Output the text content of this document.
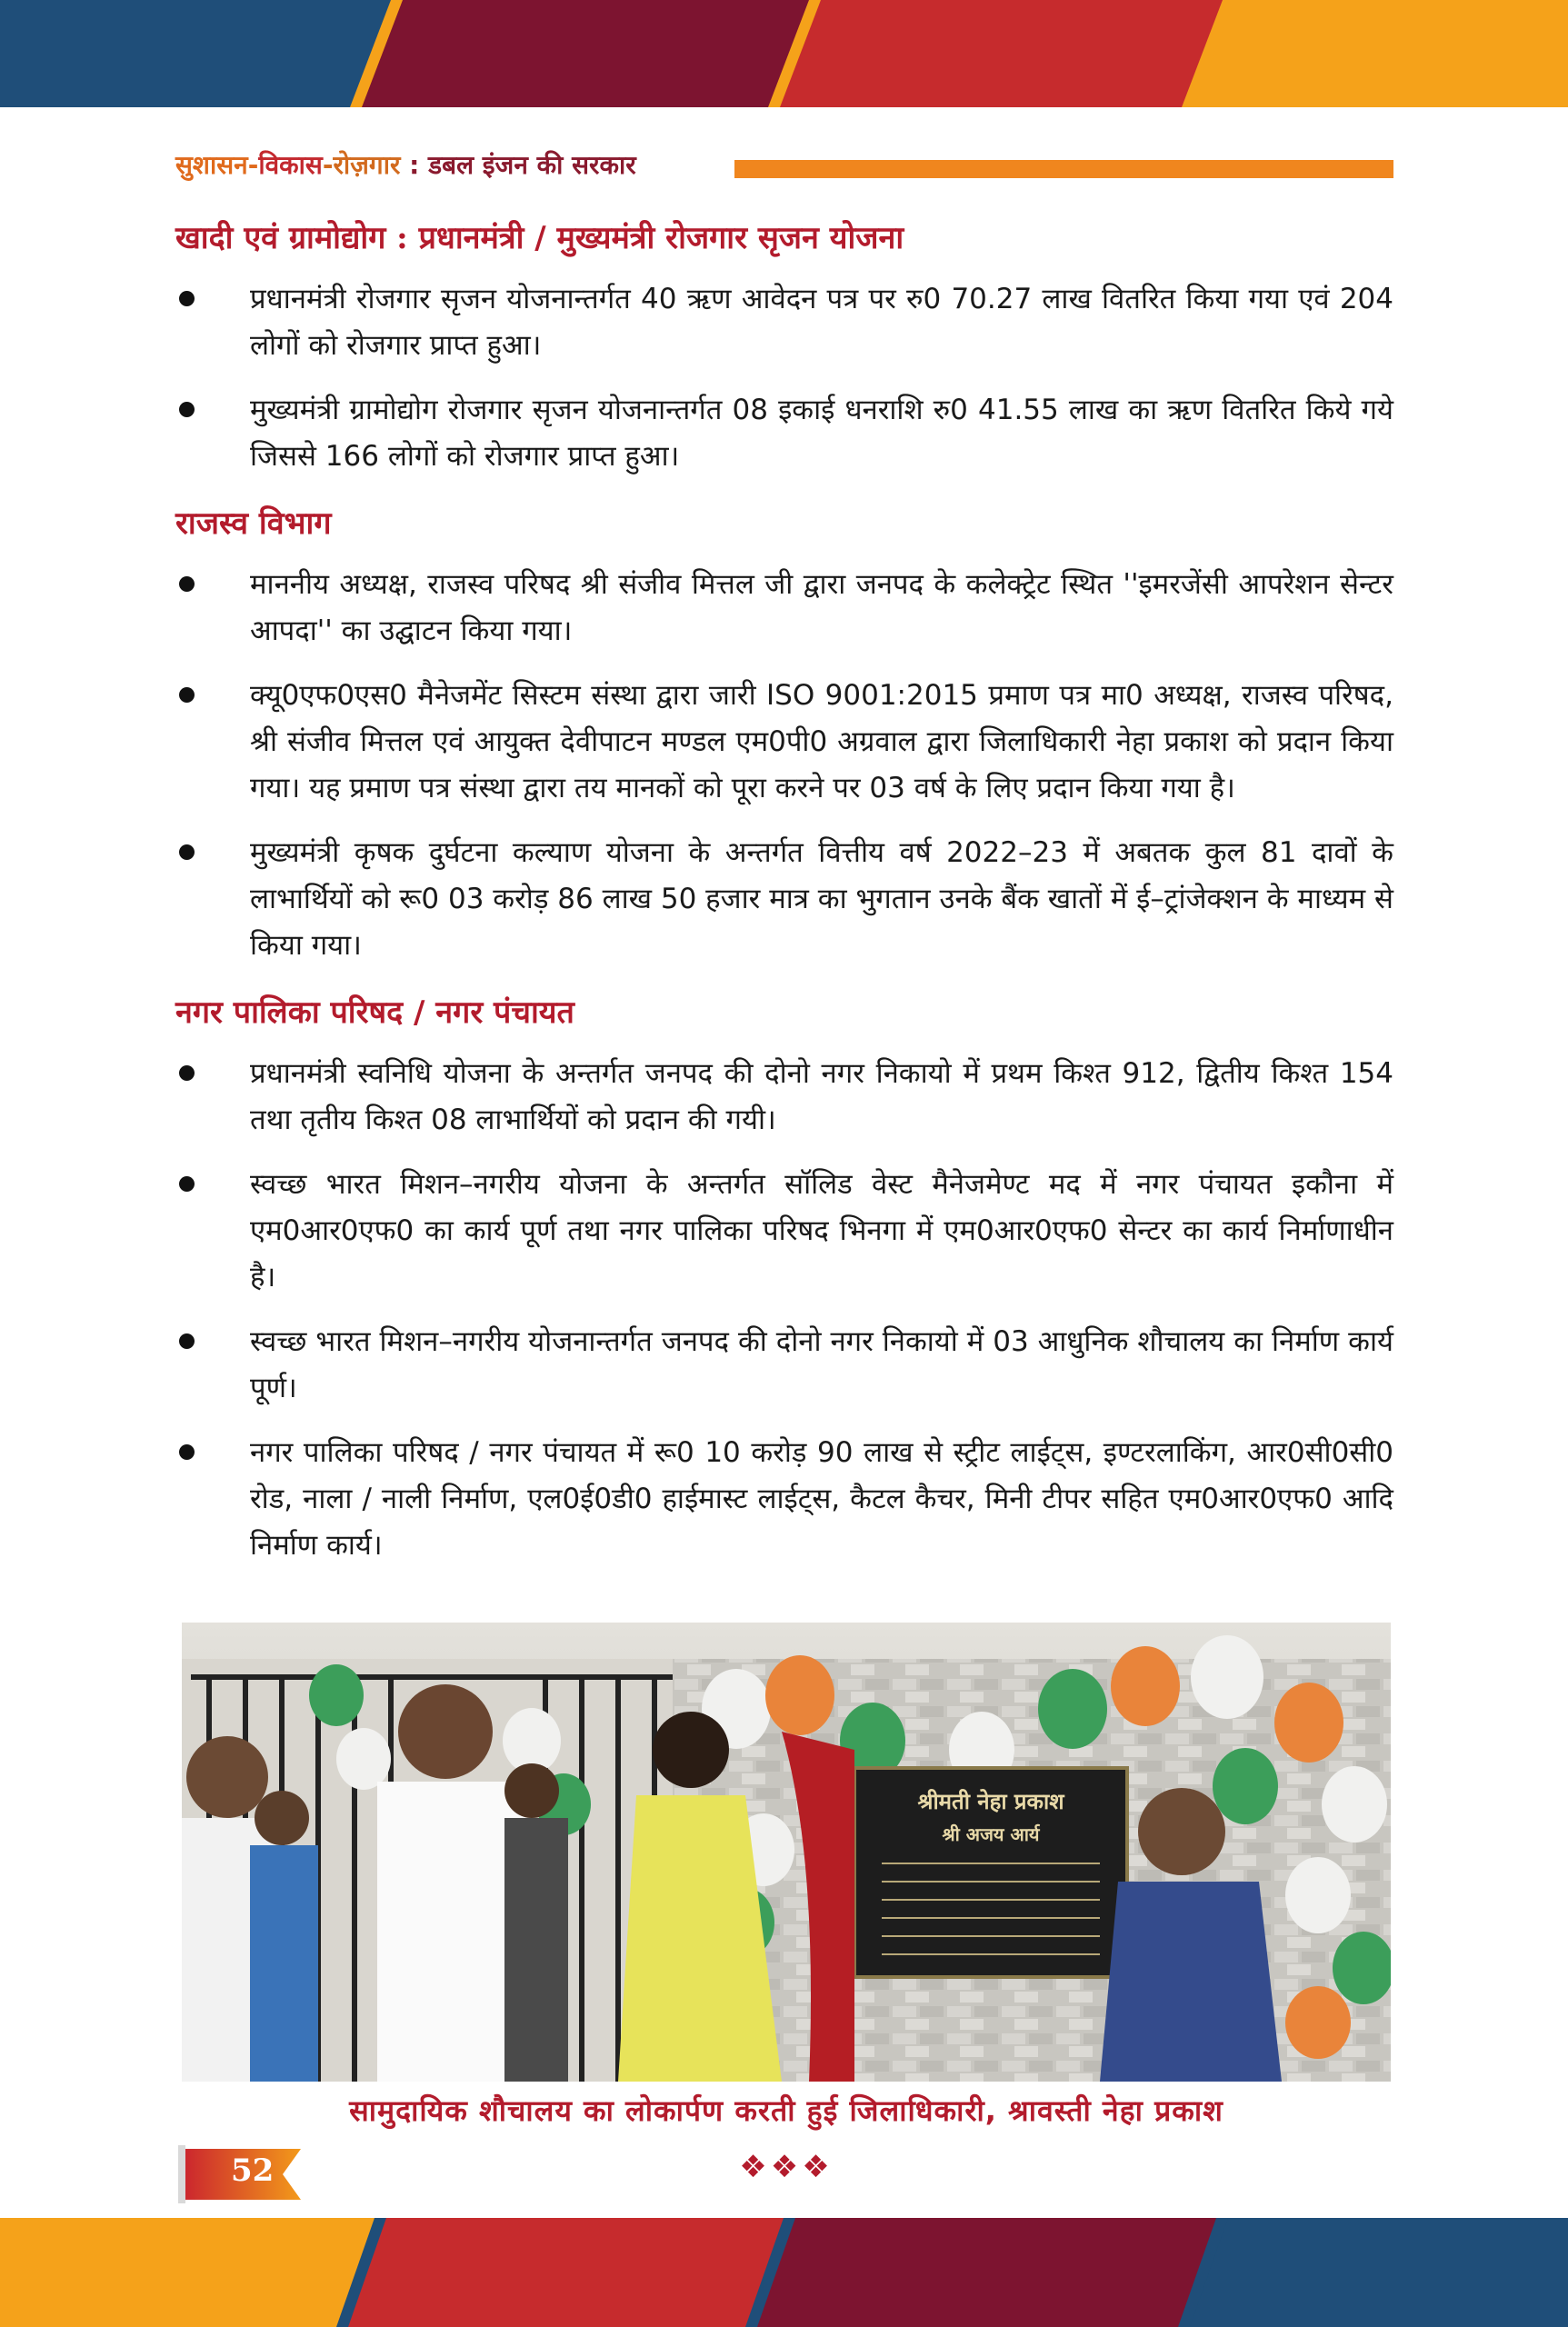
सुशासन-विकास-रोज़गार : डबल इंजन की सरकार
खादी एवं ग्रामोद्योग : प्रधानमंत्री / मुख्यमंत्री रोजगार सृजन योजना
प्रधानमंत्री रोजगार सृजन योजनान्तर्गत 40 ऋण आवेदन पत्र पर रु0 70.27 लाख वितरित किया गया एवं 204 लोगों को रोजगार प्राप्त हुआ।
मुख्यमंत्री ग्रामोद्योग रोजगार सृजन योजनान्तर्गत 08 इकाई धनराशि रु0 41.55 लाख का ऋण वितरित किये गये जिससे 166 लोगों को रोजगार प्राप्त हुआ।
राजस्व विभाग
माननीय अध्यक्ष, राजस्व परिषद श्री संजीव मित्तल जी द्वारा जनपद के कलेक्ट्रेट स्थित ''इमरजेंसी आपरेशन सेन्टर आपदा'' का उद्घाटन किया गया।
क्यू0एफ0एस0 मैनेजमेंट सिस्टम संस्था द्वारा जारी ISO 9001:2015 प्रमाण पत्र मा0 अध्यक्ष, राजस्व परिषद, श्री संजीव मित्तल एवं आयुक्त देवीपाटन मण्डल एम0पी0 अग्रवाल द्वारा जिलाधिकारी नेहा प्रकाश को प्रदान किया गया। यह प्रमाण पत्र संस्था द्वारा तय मानकों को पूरा करने पर 03 वर्ष के लिए प्रदान किया गया है।
मुख्यमंत्री कृषक दुर्घटना कल्याण योजना के अन्तर्गत वित्तीय वर्ष 2022–23 में अबतक कुल 81 दावों के लाभार्थियों को रू0 03 करोड़ 86 लाख 50 हजार मात्र का भुगतान उनके बैंक खातों में ई–ट्रांजेक्शन के माध्यम से किया गया।
नगर पालिका परिषद / नगर पंचायत
प्रधानमंत्री स्वनिधि योजना के अन्तर्गत जनपद की दोनो नगर निकायो में प्रथम किश्त 912, द्वितीय किश्त 154 तथा तृतीय किश्त 08 लाभार्थियों को प्रदान की गयी।
स्वच्छ भारत मिशन–नगरीय योजना के अन्तर्गत सॉलिड वेस्ट मैनेजमेण्ट मद में नगर पंचायत इकौना में एम0आर0एफ0 का कार्य पूर्ण तथा नगर पालिका परिषद भिनगा में एम0आर0एफ0 सेन्टर का कार्य निर्माणाधीन है।
स्वच्छ भारत मिशन–नगरीय योजनान्तर्गत जनपद की दोनो नगर निकायो में 03 आधुनिक शौचालय का निर्माण कार्य पूर्ण।
नगर पालिका परिषद / नगर पंचायत में रू0 10 करोड़ 90 लाख से स्ट्रीट लाईट्स, इण्टरलाकिंग, आर0सी0सी0 रोड, नाला / नाली निर्माण, एल0ई0डी0 हाईमास्ट लाईट्स, कैटल कैचर, मिनी टीपर सहित एम0आर0एफ0 आदि निर्माण कार्य।
श्रीमती नेहा प्रकाश
श्री अजय आर्य
सामुदायिक शौचालय का लोकार्पण करती हुई जिलाधिकारी, श्रावस्ती नेहा प्रकाश
52	❖❖❖
